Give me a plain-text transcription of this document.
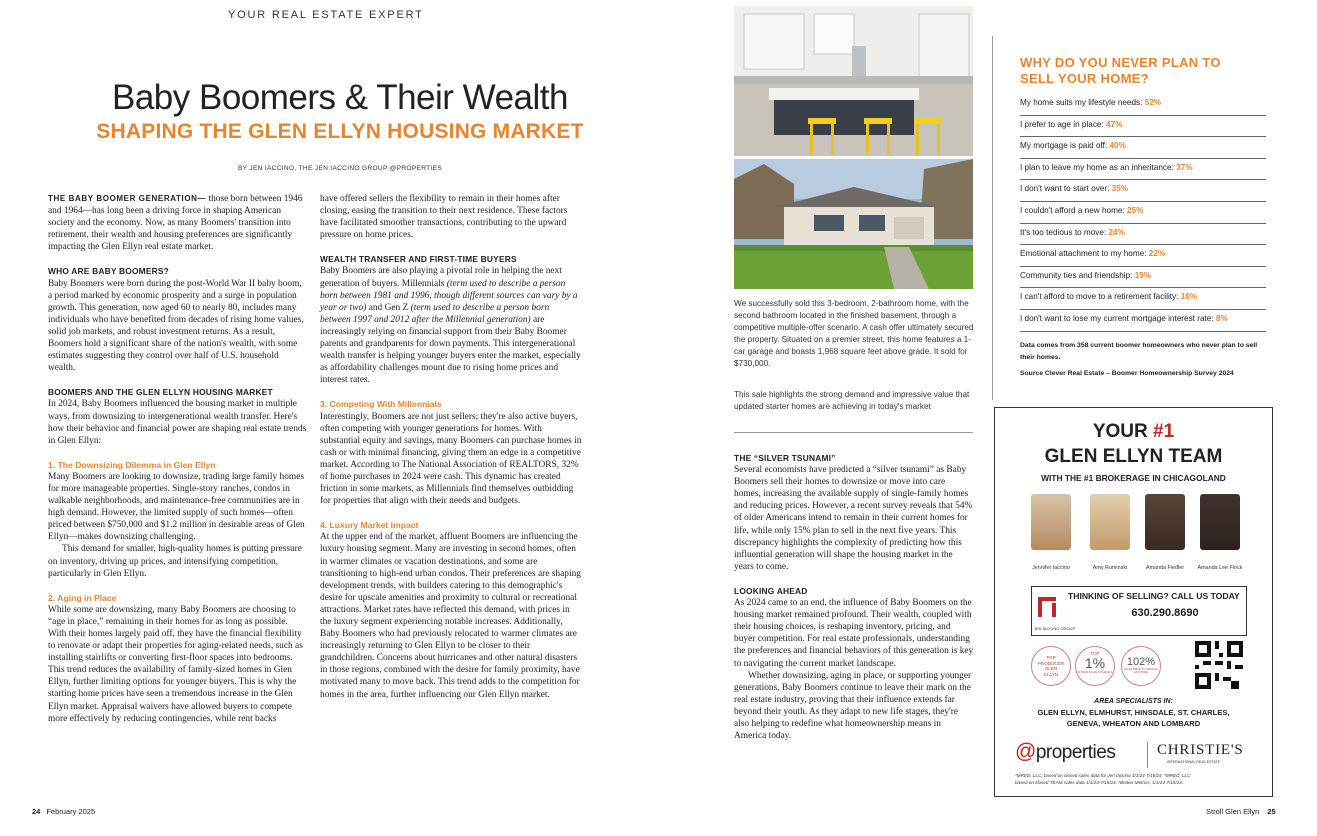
YOUR REAL ESTATE EXPERT
Baby Boomers & Their Wealth
SHAPING THE GLEN ELLYN HOUSING MARKET
BY JEN IACCINO, THE JEN IACCINO GROUP @PROPERTIES

THE BABY BOOMER GENERATION— those born between 1946 and 1964—has long been a driving force in shaping American society and the economy. Now, as many Boomers' transition into retirement, their wealth and housing preferences are significantly impacting the Glen Ellyn real estate market.

WHO ARE BABY BOOMERS?

Baby Boomers were born during the post-World War II baby boom, a period marked by economic prosperity and a surge in population growth. This generation, now aged 60 to nearly 80, includes many individuals who have benefited from decades of rising home values, solid job markets, and robust investment returns. As a result, Boomers hold a significant share of the nation's wealth, with some estimates suggesting they control over half of U.S. household wealth.

BOOMERS AND THE GLEN ELLYN HOUSING MARKET

In 2024, Baby Boomers influenced the housing market in multiple ways, from downsizing to intergenerational wealth transfer. Here's how their behavior and financial power are shaping real estate trends in Glen Ellyn:

1. The Downsizing Dilemma in Glen Ellyn

Many Boomers are looking to downsize, trading large family homes for more manageable properties. Single-story ranches, condos in walkable neighborhoods, and maintenance-free communities are in high demand. However, the limited supply of such homes—often priced between $750,000 and $1.2 million in desirable areas of Glen Ellyn—makes downsizing challenging.

This demand for smaller, high-quality homes is putting pressure on inventory, driving up prices, and intensifying competition, particularly in Glen Ellyn.

2. Aging in Place

While some are downsizing, many Baby Boomers are choosing to “age in place,” remaining in their homes for as long as possible. With their homes largely paid off, they have the financial flexibility to renovate or adapt their properties for aging-related needs, such as installing stairlifts or converting first-floor spaces into bedrooms. This trend reduces the availability of family-sized homes in Glen Ellyn, further limiting options for younger buyers. This is why the starting home prices have seen a tremendous increase in the Glen Ellyn market. Appraisal waivers have allowed buyers to compete more effectively by reducing contingencies, while rent backs

have offered sellers the flexibility to remain in their homes after closing, easing the transition to their next residence. These factors have facilitated smoother transactions, contributing to the upward pressure on home prices.

WEALTH TRANSFER AND FIRST-TIME BUYERS

Baby Boomers are also playing a pivotal role in helping the next generation of buyers. Millennials (term used to describe a person born between 1981 and 1996, though different sources can vary by a year or two) and Gen Z (term used to describe a person born between 1997 and 2012 after the Millennial generation) are increasingly relying on financial support from their Baby Boomer parents and grandparents for down payments. This intergenerational wealth transfer is helping younger buyers enter the market, especially as affordability challenges mount due to rising home prices and interest rates.

3. Competing With Millennials

Interestingly, Boomers are not just sellers; they're also active buyers, often competing with younger generations for homes. With substantial equity and savings, many Boomers can purchase homes in cash or with minimal financing, giving them an edge in a competitive market. According to The National Association of REALTORS, 32% of home purchases in 2024 were cash. This dynamic has created friction in some markets, as Millennials find themselves outbidding for properties that align with their needs and budgets.

4. Luxury Market Impact

At the upper end of the market, affluent Boomers are influencing the luxury housing segment. Many are investing in second homes, often in warmer climates or vacation destinations, and some are transitioning to high-end urban condos. Their preferences are shaping development trends, with builders catering to this demographic's desire for upscale amenities and proximity to cultural or recreational attractions. Market rates have reflected this demand, with prices in the luxury segment experiencing notable increases. Additionally, Baby Boomers who had previously relocated to warmer climates are increasingly returning to Glen Ellyn to be closer to their grandchildren. Concerns about hurricanes and other natural disasters in those regions, combined with the desire for family proximity, have motivated many to move back. This trend adds to the competition for homes in the area, further influencing our Glen Ellyn market.

24 February 2025
We successfully sold this 3-bedroom, 2-bathroom home, with the second bathroom located in the finished basement, through a competitive multiple-offer scenario. A cash offer ultimately secured the property. Situated on a premier street, this home features a 1-car garage and boasts 1,968 square feet above grade. It sold for $730,000.
This sale highlights the strong demand and impressive value that updated starter homes are achieving in today's market
THE “SILVER TSUNAMI”

Several economists have predicted a “silver tsunami” as Baby Boomers sell their homes to downsize or move into care homes, increasing the available supply of single-family homes and reducing prices. However, a recent survey reveals that 54% of older Americans intend to remain in their current homes for life, while only 15% plan to sell in the next five years. This discrepancy highlights the complexity of predicting how this influential generation will shape the housing market in the years to come.

LOOKING AHEAD

As 2024 came to an end, the influence of Baby Boomers on the housing market remained profound. Their wealth, coupled with their housing choices, is reshaping inventory, pricing, and buyer competition. For real estate professionals, understanding the preferences and financial behaviors of this generation is key to navigating the current market landscape.

Whether downsizing, aging in place, or supporting younger generations, Baby Boomers continue to leave their mark on the real estate industry, proving that their influence extends far beyond their youth. As they adapt to new life stages, they're also helping to redefine what homeownership means in America today.

WHY DO YOU NEVER PLAN TO
SELL YOUR HOME?
My home suits my lifestyle needs: 52%
I prefer to age in place: 47%
My mortgage is paid off: 40%
I plan to leave my home as an inheritance: 37%
I don't want to start over: 35%
I couldn't afford a new home: 25%
It's too tedious to move: 24%
Emotional attachment to my home: 22%
Community ties and friendship: 19%
I can't afford to move to a retirement facility: 16%
I don't want to lose my current mortgage interest rate: 8%
Data comes from 358 current boomer homeowners who never plan to sell their homes.
Source Clever Real Estate – Boomer Homeownership Survey 2024
YOUR #1
GLEN ELLYN TEAM
WITH THE #1 BROKERAGE IN CHICAGOLAND
Jennifer Iaccino	Amy Ruminski	Amanda Fiedler	Amanda Lee Finck
THINKING OF SELLING? CALL US TODAY
630.290.8690
JEN IACCINO GROUP
TOP
PRODUCER
GLEN
ELLYN
TOP
1%
IN TEAM SALES IN THE MLS
102%
SALES PRICE TO ORIGINAL LIST PRICE
AREA SPECIALISTS IN:
GLEN ELLYN, ELMHURST, HINSDALE, ST. CHARLES,
GENEVA, WHEATON AND LOMBARD
@properties	CHRISTIE'S
INTERNATIONAL REAL ESTATE
*MRED, LLC, based on closed sales data for Jen Iaccino 1/1/24-7/15/24. *MRED, LLC
based on closed TEAM sales data 1/1/24-7/15/24. *Broker Metrics, 1/1/24-7/15/24.
Stroll Glen Ellyn 25
